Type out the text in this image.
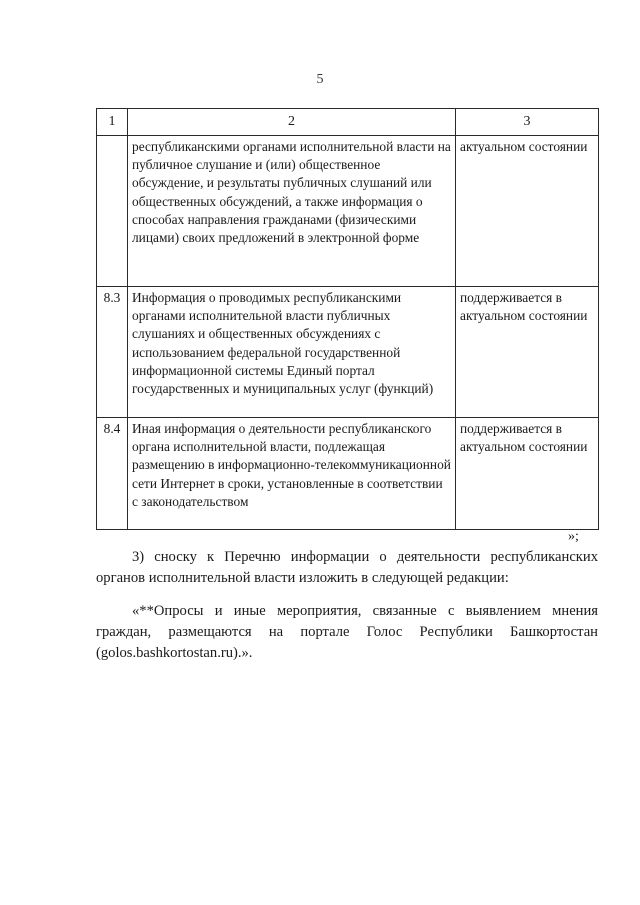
5
1	2	3
	республиканскими органами исполнительной власти на публичное слушание и (или) общественное обсуждение, и результаты публичных слушаний или общественных обсуждений, а также информация о способах направления гражданами (физическими лицами) своих предложений в электронной форме	актуальном состоянии
8.3	Информация о проводимых республиканскими органами исполнительной власти публичных слушаниях и общественных обсуждениях с использованием федеральной государственной информационной системы Единый портал государственных и муниципальных услуг (функций)	поддерживается в актуальном состоянии
8.4	Иная информация о деятельности республиканского органа исполнительной власти, подлежащая размещению в информационно-телекоммуникационной сети Интернет в сроки, установленные в соответствии с законодательством	поддерживается в актуальном состоянии
»;
3) сноску к Перечню информации о деятельности республиканских органов исполнительной власти изложить в следующей редакции:
«**Опросы и иные мероприятия, связанные с выявлением мнения граждан, размещаются на портале Голос Республики Башкортостан (golos.bashkortostan.ru).».
